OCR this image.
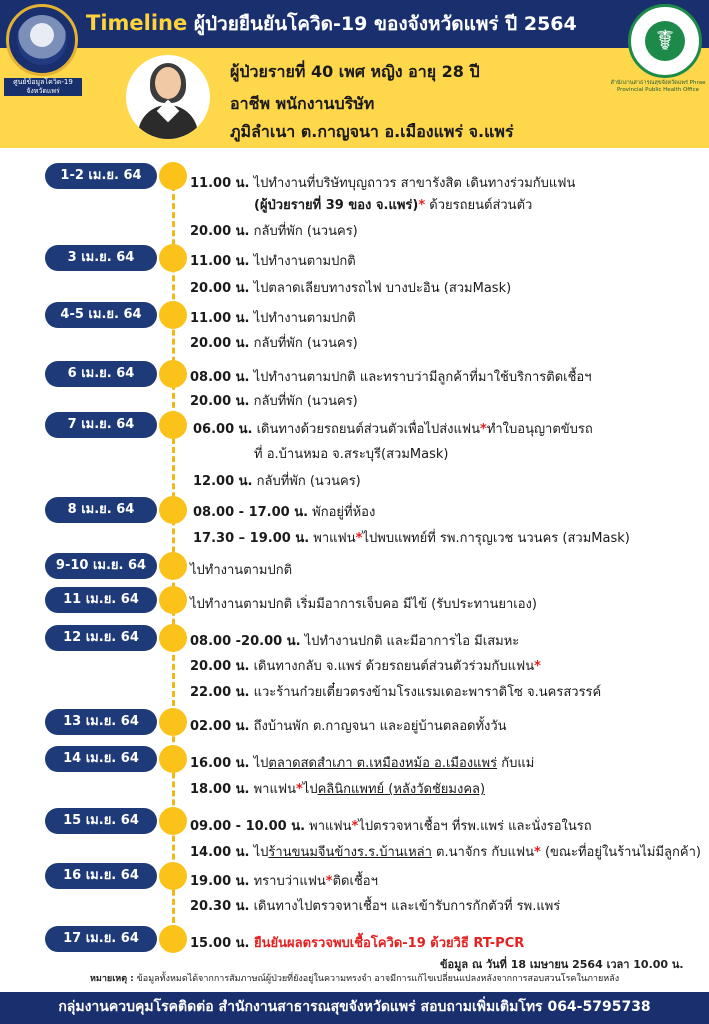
Timeline ผู้ป่วยยืนยันโควิด-19 ของจังหวัดแพร่ ปี 2564
ศูนย์ข้อมูลโควิด-19 จังหวัดแพร่
☤
สำนักงานสาธารณสุขจังหวัดแพร่ Phrae Provincial Public Health Office
ผู้ป่วยรายที่ 40 เพศ หญิง อายุ 28 ปี
อาชีพ พนักงานบริษัท
ภูมิลำเนา ต.กาญจนา อ.เมืองแพร่ จ.แพร่
1-2 เม.ย. 64
3 เม.ย. 64
4-5 เม.ย. 64
6 เม.ย. 64
7 เม.ย. 64
8 เม.ย. 64
9-10 เม.ย. 64
11 เม.ย. 64
12 เม.ย. 64
13 เม.ย. 64
14 เม.ย. 64
15 เม.ย. 64
16 เม.ย. 64
17 เม.ย. 64
11.00 น. ไปทำงานที่บริษัทบุญถาวร สาขารังสิต เดินทางร่วมกับแฟน
(ผู้ป่วยรายที่ 39 ของ จ.แพร่)* ด้วยรถยนต์ส่วนตัว
20.00 น. กลับที่พัก (นวนคร)
11.00 น. ไปทำงานตามปกติ
20.00 น. ไปตลาดเลียบทางรถไฟ บางปะอิน (สวมMask)
11.00 น. ไปทำงานตามปกติ
20.00 น. กลับที่พัก (นวนคร)
08.00 น. ไปทำงานตามปกติ และทราบว่ามีลูกค้าที่มาใช้บริการติดเชื้อฯ
20.00 น. กลับที่พัก (นวนคร)
06.00 น. เดินทางด้วยรถยนต์ส่วนตัวเพื่อไปส่งแฟน*ทำใบอนุญาตขับรถ
ที่ อ.บ้านหมอ จ.สระบุรี(สวมMask)
12.00 น. กลับที่พัก (นวนคร)
08.00 - 17.00 น. พักอยู่ที่ห้อง
17.30 – 19.00 น. พาแฟน*ไปพบแพทย์ที่ รพ.การุญเวช นวนคร (สวมMask)
ไปทำงานตามปกติ
ไปทำงานตามปกติ เริ่มมีอาการเจ็บคอ มีไข้ (รับประทานยาเอง)
08.00 -20.00 น. ไปทำงานปกติ และมีอาการไอ มีเสมหะ
20.00 น. เดินทางกลับ จ.แพร่ ด้วยรถยนต์ส่วนตัวร่วมกับแฟน*
22.00 น. แวะร้านก๋วยเตี๋ยวตรงข้ามโรงแรมเดอะพาราดิโซ จ.นครสวรรค์
02.00 น. ถึงบ้านพัก ต.กาญจนา และอยู่บ้านตลอดทั้งวัน
16.00 น. ไปตลาดสดสำเภา ต.เหมืองหม้อ อ.เมืองแพร่ กับแม่
18.00 น. พาแฟน*ไปคลินิกแพทย์ (หลังวัดชัยมงคล)
09.00 - 10.00 น. พาแฟน*ไปตรวจหาเชื้อฯ ที่รพ.แพร่ และนั่งรอในรถ
14.00 น. ไปร้านขนมจีนข้างร.ร.บ้านเหล่า ต.นาจักร กับแฟน* (ขณะที่อยู่ในร้านไม่มีลูกค้า)
19.00 น. ทราบว่าแฟน*ติดเชื้อฯ
20.30 น. เดินทางไปตรวจหาเชื้อฯ และเข้ารับการกักตัวที่ รพ.แพร่
15.00 น. ยืนยันผลตรวจพบเชื้อโควิด-19 ด้วยวิธี RT-PCR
ข้อมูล ณ วันที่ 18 เมษายน 2564 เวลา 10.00 น.
หมายเหตุ : ข้อมูลทั้งหมดได้จากการสัมภาษณ์ผู้ป่วยที่ยังอยู่ในความทรงจำ อาจมีการแก้ไขเปลี่ยนแปลงหลังจากการสอบสวนโรคในภายหลัง
กลุ่มงานควบคุมโรคติดต่อ สำนักงานสาธารณสุขจังหวัดแพร่ สอบถามเพิ่มเติมโทร 064-5795738
